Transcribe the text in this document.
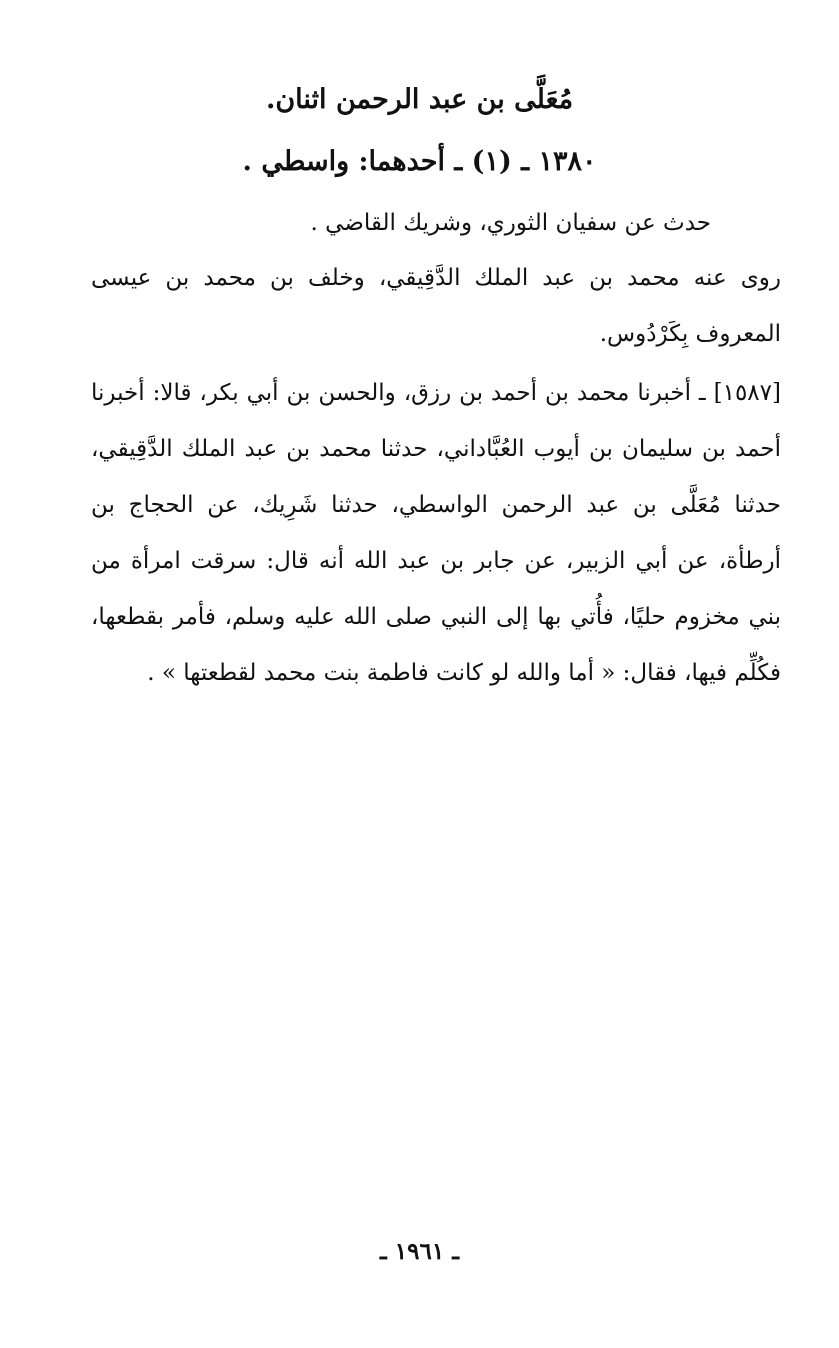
مُعَلَّى بن عبد الرحمن اثنان.
١٣٨٠ ـ (١) ـ أحدهما: واسطي .

حدث عن سفيان الثوري، وشريك القاضي .

روى عنه محمد بن عبد الملك الدَّقِيقي، وخلف بن محمد بن عيسى المعروف بِكَرْدُوس.

[١٥٨٧] ـ أخبرنا محمد بن أحمد بن رزق، والحسن بن أبي بكر، قالا: أخبرنا أحمد بن سليمان بن أيوب العُبَّاداني، حدثنا محمد بن عبد الملك الدَّقِيقي، حدثنا مُعَلَّى بن عبد الرحمن الواسطي، حدثنا شَرِيك، عن الحجاج بن أرطأة، عن أبي الزبير، عن جابر بن عبد الله أنه قال: سرقت امرأة من بني مخزوم حليًا، فأُتي بها إلى النبي صلى الله عليه وسلم، فأمر بقطعها، فكُلِّم فيها، فقال: « أما والله لو كانت فاطمة بنت محمد لقطعتها » .

ـ ١٩٦١ ـ
